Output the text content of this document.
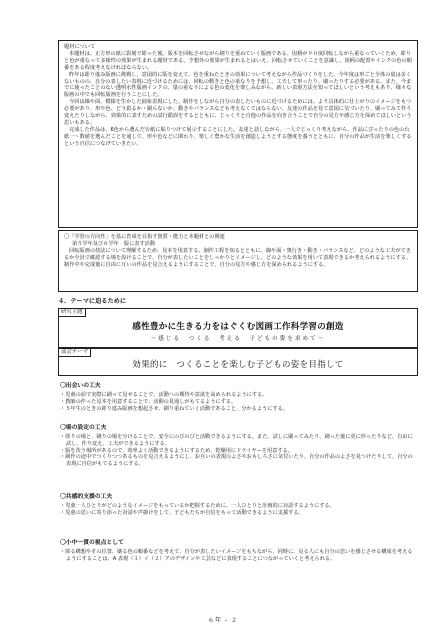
題材について

本題材は、正方形の紙に影刻で彫った後、版木を回転させながら刷りを重ねていく版画である。図柄が９０度回転しながら重なっていくため、彫りと色が重なって多様性の効果が生まれる題材である。予想外の効果が生まれるとはいえ、回転させていくことを意識し、図柄の配置やインクの色の順番をある程度考えなければならない。

昨年は彫り進み版画に挑戦し、意図的に版を変えて、色を重ねたときの効果について考えながら作品づくりをした。今年度は形ごと全体の量は多くないものの、自分の表したい表現に近づけるためには、回転の動きと色の重なりを予想し、工夫して形ったり、刷ったりする必要がある。また、今までに使ったことのない透明水性版画インクの、量の重なりによる色の変化を楽しみながら、新しい表現方法を知ってほしいという考えもあり、様々な版画の中でも回転版画を行うことにした。

今回は線や面、模様を生かした抽象表現にした。制作をしながら自分の表したいものに近づけるためには、より具体的に仕上がりのイメージをもつ必要があり、形や色、どう影るか・刷らないか、動きやバランスなども考えなくてはならない。友達の作品を見て意図に気づいたり、刷ってみて作り変えたりしながら、効果的に表すための試行錯誤をするとともに、じっくりと自他の作品を向き合うことで自分の見方や感じ方を深めてほしいという思いもある。

完成した作品は、6色から選んだ台紙に貼りつけて展示することにした。友達と話しながら、一人でじっくり考えながら、作品にぴったりの色の台紙一～数値を選んだことを通して、形や色などに関わり、楽しく豊かな生活を創造しようとする態度を養うとともに、自分の作品が生活を楽しくするという自信につなげていきたい。

〇「学習の方向性」を基に育成を目指す資質・能力と本題材との関連

第５学年及び６学年　版に表す活動

回転版画の技法について理解するため、見本を用意する。制作工程を知るとともに、線や面・奥行き・動き・バランスなど、どのような工夫ができるか全員で確認する場を設けることで、自分が表したいことをしっかりとイメージし、どのような効果を用いて表現できるか考えられるようにする。制作中や完成後に自由に互いの作品を見合えるようにすることで、自分の見方や感じ方を深められるようにする。

４．テーマに迫るために
研究主題
感性豊かに生きる力をはぐくむ図画工作科学習の創造
～感じる　つくる　考える　子どもの姿を求めて～
部会テーマ
効果的に　つくることを楽しむ子どもの姿を目指して

〇出会いの工夫

・児童の前で実際に刷って見せることで、活動への期待や意欲を高められるようにする。

・教師の作った見本を用意することで、活動の見通しがもてるようにする。

・５年生のときの彫り進み版画を想起させ、刷り重ねていく活動であること、分かるようにする。

〇場の設定の工夫

・彫りの場と、刷りの場を分けることで、安全にのびのびと活動できるようにする。また、試しに刷ってみたり、刷った後に更に形ったりなど、自由に試し、作り変え、工夫ができるようにする。

・版を洗う場所があるので、効率よく活動できるようにするため、乾燥用にドライヤーを用意する。

・制作の途中でつくりつつあるものを見合えるようにし、お互いの表現のよさやおもしろさに気付いたり、自分の作品のよさを見つけたりして、自分の表現に自信がもてるようにする。

〇共感的支援の工夫

・児童一人ひとりがどのようなイメージをもっているか把握するために、一人ひとりと計画的に対話するようにする。

・児童の思いに寄り添った対話や声掛けをして、子どもたちが自信をもって活動できるように支援する。

〇小中一貫の視点として

・彫る構想やその位置、刷る色の順番などを考えて、自分が表したいイメージをもちながら、同時に、見る人にも自分の思いを感じさせる構成を考えるようにすることは、A 表現（１）イ（２）アのデザインや工芸などに表現することにつながっていくと考えられる。

６年 - ２
